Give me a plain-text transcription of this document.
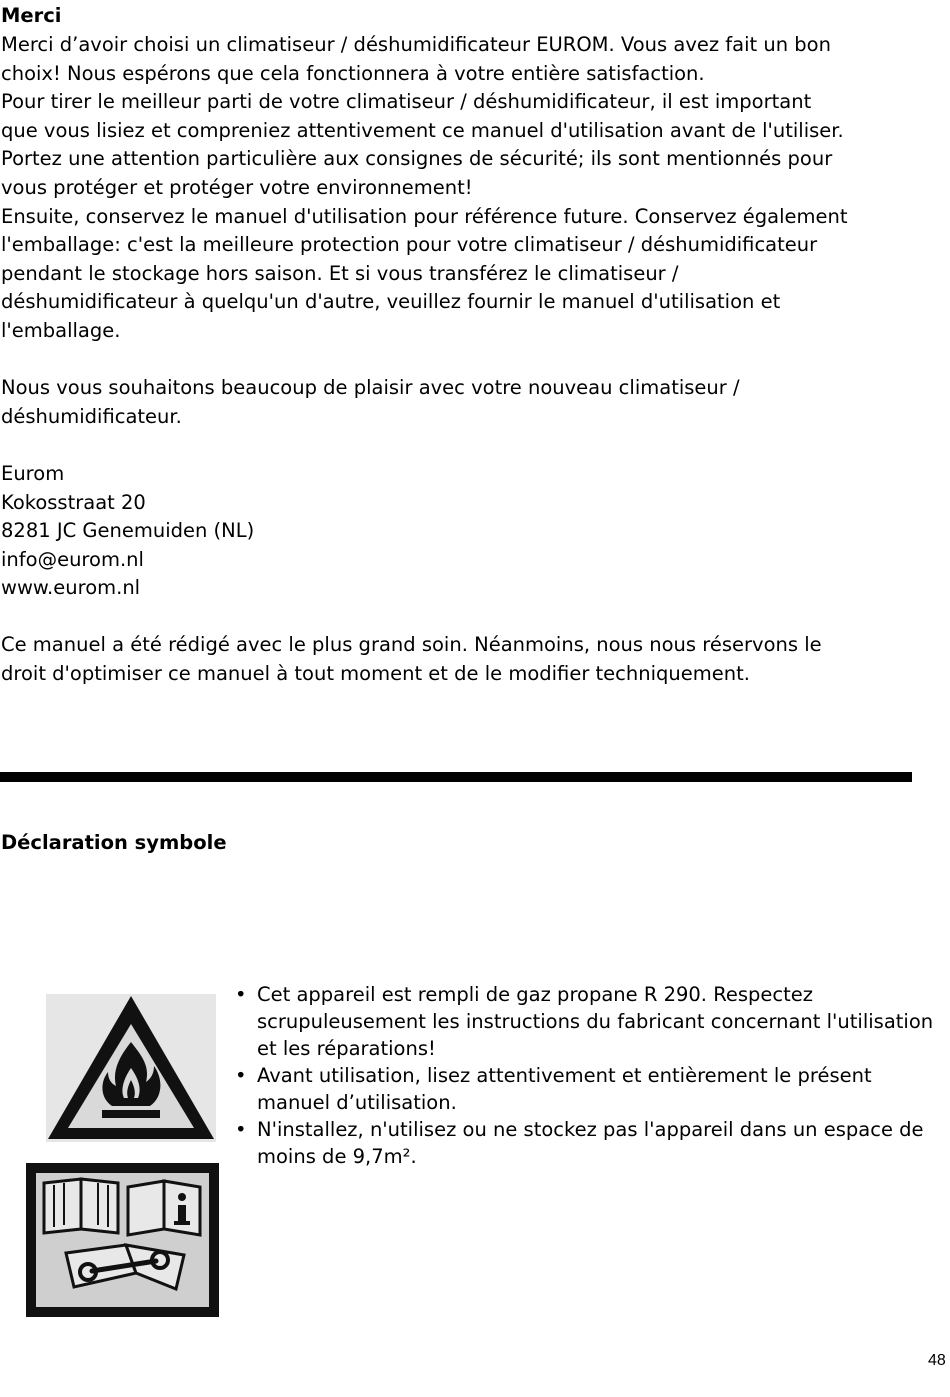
Merci

Merci d’avoir choisi un climatiseur / déshumidificateur EUROM. Vous avez fait un bon
choix! Nous espérons que cela fonctionnera à votre entière satisfaction.

Pour tirer le meilleur parti de votre climatiseur / déshumidificateur, il est important
que vous lisiez et compreniez attentivement ce manuel d'utilisation avant de l'utiliser.

Portez une attention particulière aux consignes de sécurité; ils sont mentionnés pour
vous protéger et protéger votre environnement!

Ensuite, conservez le manuel d'utilisation pour référence future. Conservez également
l'emballage: c'est la meilleure protection pour votre climatiseur / déshumidificateur
pendant le stockage hors saison. Et si vous transférez le climatiseur /
déshumidificateur à quelqu'un d'autre, veuillez fournir le manuel d'utilisation et
l'emballage.

Nous vous souhaitons beaucoup de plaisir avec votre nouveau climatiseur /
déshumidificateur.

Eurom

Kokosstraat 20

8281 JC Genemuiden (NL)

info@eurom.nl

www.eurom.nl

Ce manuel a été rédigé avec le plus grand soin. Néanmoins, nous nous réservons le
droit d'optimiser ce manuel à tout moment et de le modifier techniquement.

Déclaration symbole
• Cet appareil est rempli de gaz propane R 290. Respectez scrupuleusement les instructions du fabricant concernant l'utilisation et les réparations!
• Avant utilisation, lisez attentivement et entièrement le présent manuel d’utilisation.
• N'installez, n'utilisez ou ne stockez pas l'appareil dans un espace de moins de 9,7m².
48
